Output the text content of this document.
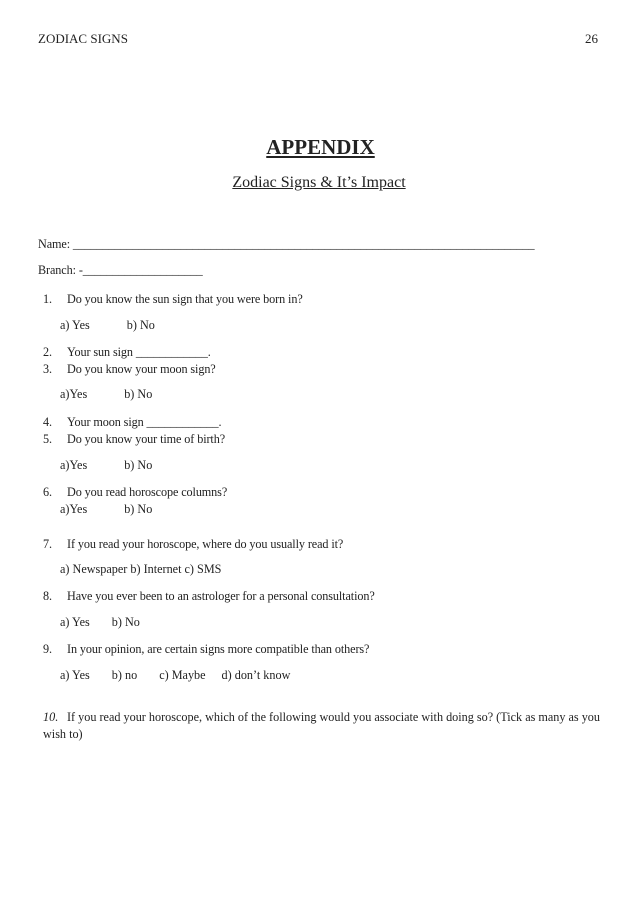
ZODIAC SIGNS	26
APPENDIX
Zodiac Signs & It’s Impact
Name: _____________________________________________________________________________
Branch: -____________________
1. Do you know the sun sign that you were born in?
a) Yes	b) No
2. Your sun sign ____________.
3. Do you know your moon sign?
a)Yes	b) No
4. Your moon sign ____________.
5. Do you know your time of birth?
a)Yes	b) No
6. Do you read horoscope columns?
a)Yes	b) No
7. If you read your horoscope, where do you usually read it?
a) Newspaper b) Internet c) SMS
8. Have you ever been to an astrologer for a personal consultation?
a) Yes b) No
9. In your opinion, are certain signs more compatible than others?
a) Yes b) no c) Maybe d) don’t know
10. If you read your horoscope, which of the following would you associate with doing so? (Tick as many as you wish to)
